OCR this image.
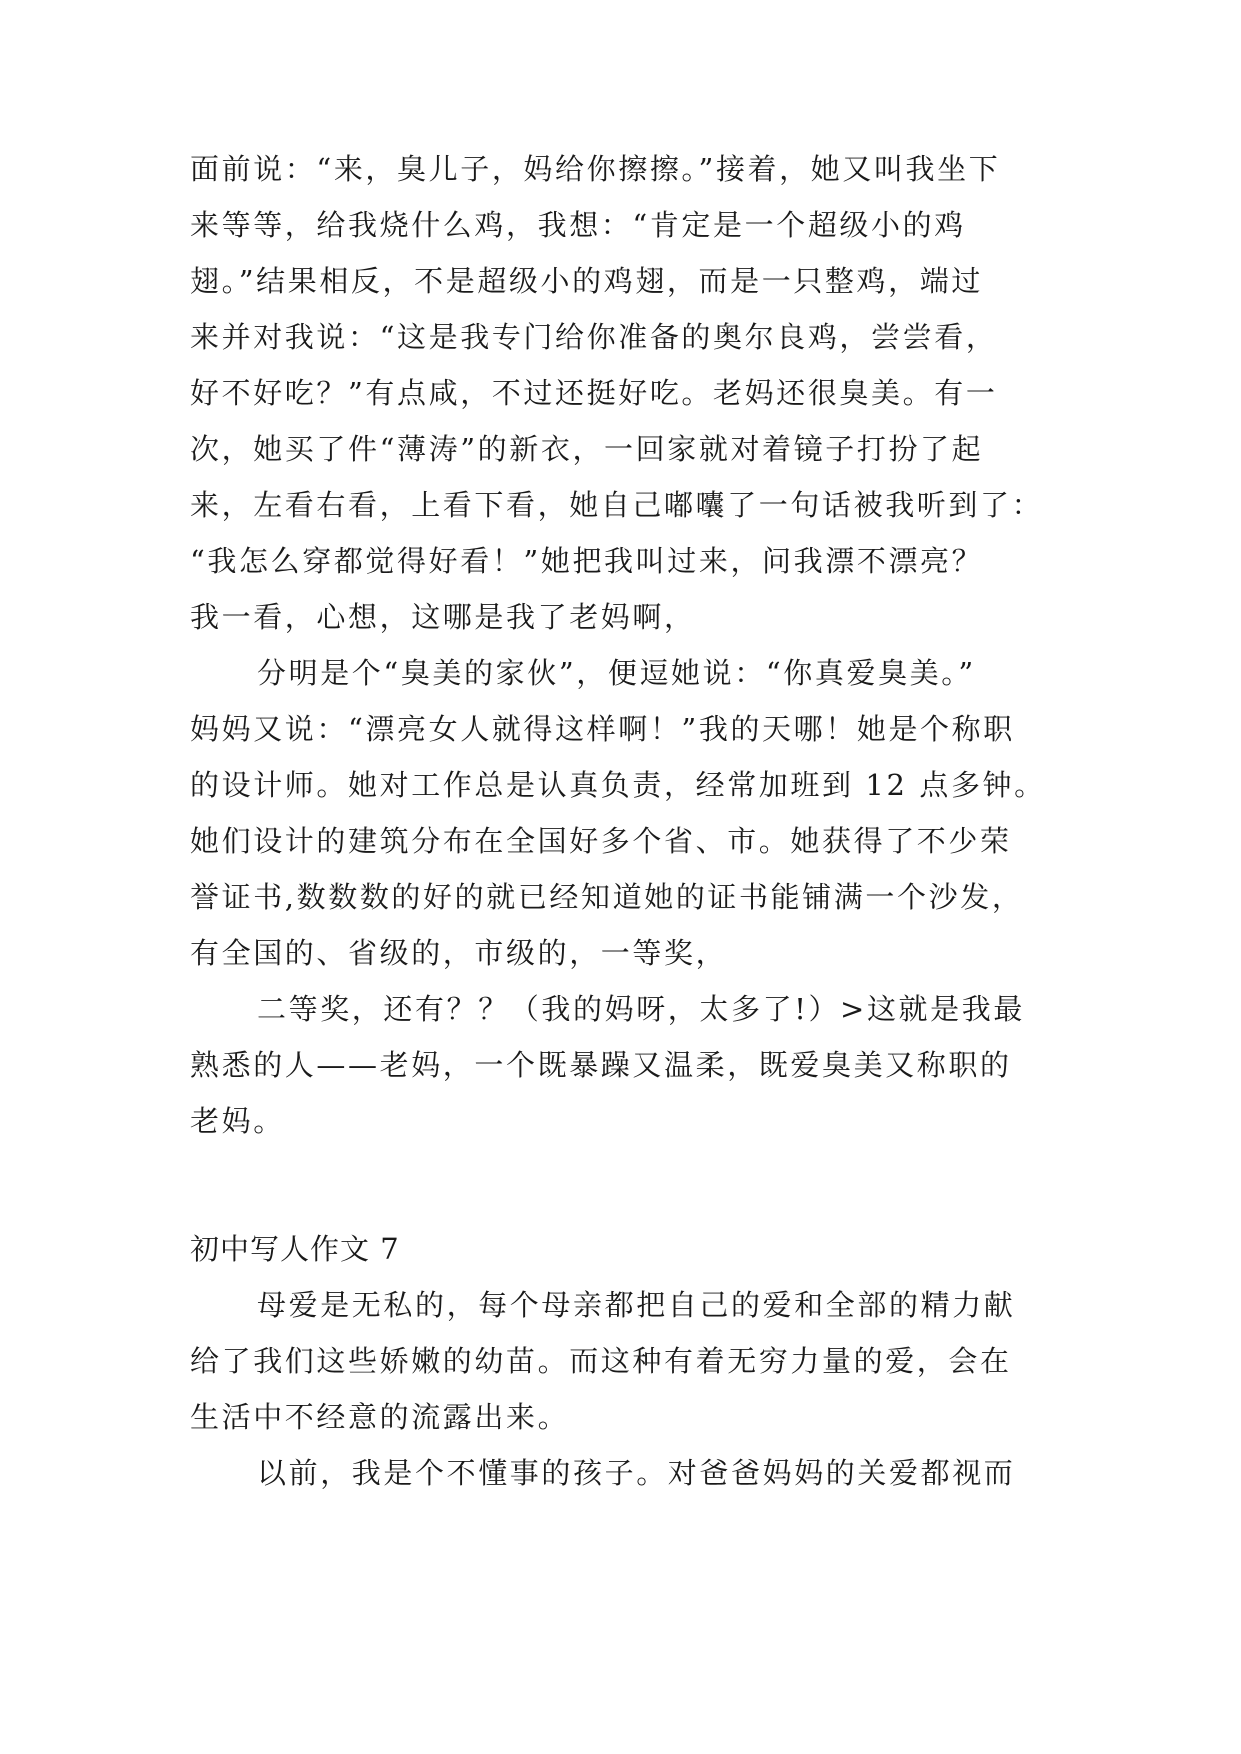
面前说：“来，臭儿子，妈给你擦擦。”接着，她又叫我坐下
来等等，给我烧什么鸡，我想：“肯定是一个超级小的鸡
翅。”结果相反，不是超级小的鸡翅，而是一只整鸡，端过
来并对我说：“这是我专门给你准备的奥尔良鸡，尝尝看，
好不好吃？”有点咸，不过还挺好吃。老妈还很臭美。有一
次，她买了件“薄涛”的新衣，一回家就对着镜子打扮了起
来，左看右看，上看下看，她自己嘟囔了一句话被我听到了：
“我怎么穿都觉得好看！”她把我叫过来，问我漂不漂亮？
我一看，心想，这哪是我了老妈啊，
分明是个“臭美的家伙”，便逗她说：“你真爱臭美。”
妈妈又说：“漂亮女人就得这样啊！”我的天哪！她是个称职
的设计师。她对工作总是认真负责，经常加班到 12 点多钟。
她们设计的建筑分布在全国好多个省、市。她获得了不少荣
誉证书,数数数的好的就已经知道她的证书能铺满一个沙发，
有全国的、省级的，市级的，一等奖，
二等奖，还有？？（我的妈呀，太多了!）>这就是我最
熟悉的人——老妈，一个既暴躁又温柔，既爱臭美又称职的
老妈。
初中写人作文 7
母爱是无私的，每个母亲都把自己的爱和全部的精力献
给了我们这些娇嫩的幼苗。而这种有着无穷力量的爱，会在
生活中不经意的流露出来。
以前，我是个不懂事的孩子。对爸爸妈妈的关爱都视而
